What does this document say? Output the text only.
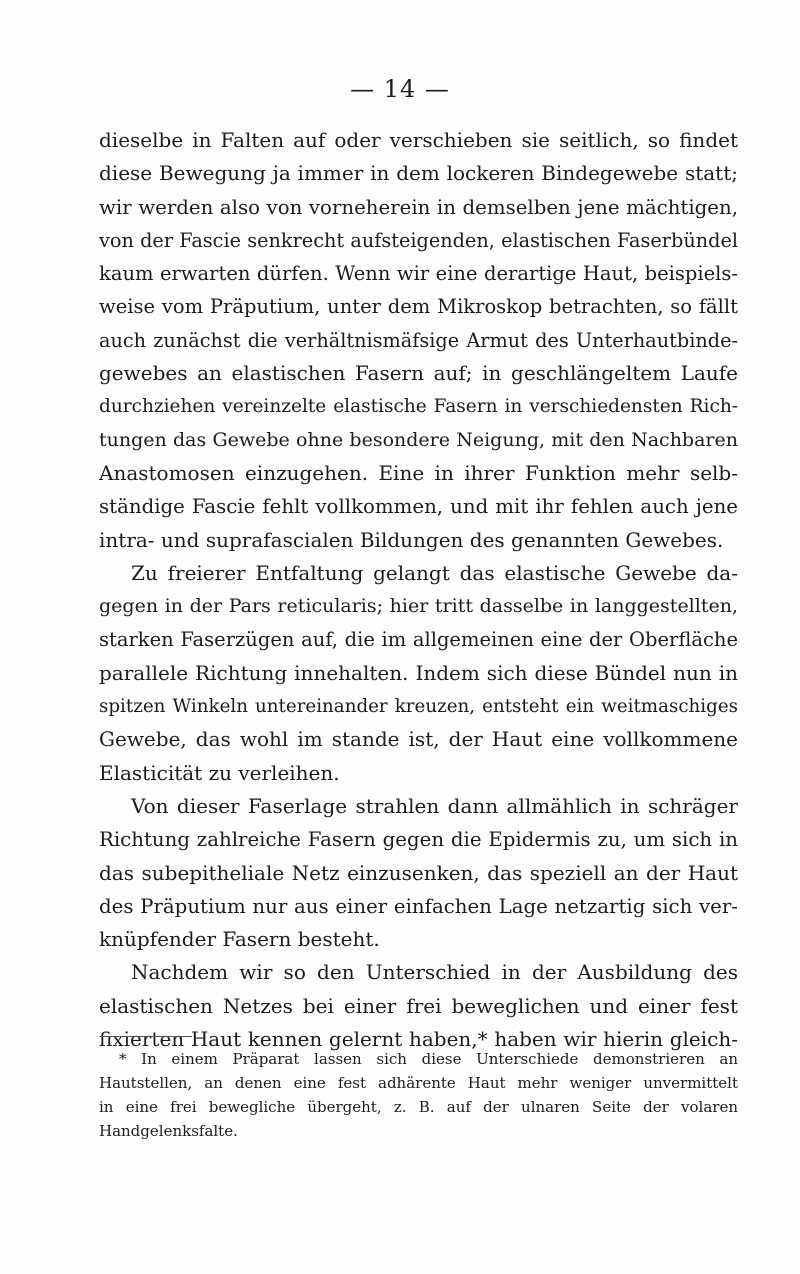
— 14 —
dieselbe in Falten auf oder verschieben sie seitlich, so findet
diese Bewegung ja immer in dem lockeren Bindegewebe statt;
wir werden also von vorneherein in demselben jene mächtigen,
von der Fascie senkrecht aufsteigenden, elastischen Faserbündel
kaum erwarten dürfen. Wenn wir eine derartige Haut, beispiels-
weise vom Präputium, unter dem Mikroskop betrachten, so fällt
auch zunächst die verhältnismäfsige Armut des Unterhautbinde-
gewebes an elastischen Fasern auf; in geschlängeltem Laufe
durchziehen vereinzelte elastische Fasern in verschiedensten Rich-
tungen das Gewebe ohne besondere Neigung, mit den Nachbaren
Anastomosen einzugehen. Eine in ihrer Funktion mehr selb-
ständige Fascie fehlt vollkommen, und mit ihr fehlen auch jene
intra- und suprafascialen Bildungen des genannten Gewebes.
Zu freierer Entfaltung gelangt das elastische Gewebe da-
gegen in der Pars reticularis; hier tritt dasselbe in langgestellten,
starken Faserzügen auf, die im allgemeinen eine der Oberfläche
parallele Richtung innehalten. Indem sich diese Bündel nun in
spitzen Winkeln untereinander kreuzen, entsteht ein weitmaschiges
Gewebe, das wohl im stande ist, der Haut eine vollkommene
Elasticität zu verleihen.
Von dieser Faserlage strahlen dann allmählich in schräger
Richtung zahlreiche Fasern gegen die Epidermis zu, um sich in
das subepitheliale Netz einzusenken, das speziell an der Haut
des Präputium nur aus einer einfachen Lage netzartig sich ver-
knüpfender Fasern besteht.
Nachdem wir so den Unterschied in der Ausbildung des
elastischen Netzes bei einer frei beweglichen und einer fest
fixierten Haut kennen gelernt haben,* haben wir hierin gleich-
* In einem Präparat lassen sich diese Unterschiede demonstrieren an
Hautstellen, an denen eine fest adhärente Haut mehr weniger unvermittelt
in eine frei bewegliche übergeht, z. B. auf der ulnaren Seite der volaren
Handgelenksfalte.
